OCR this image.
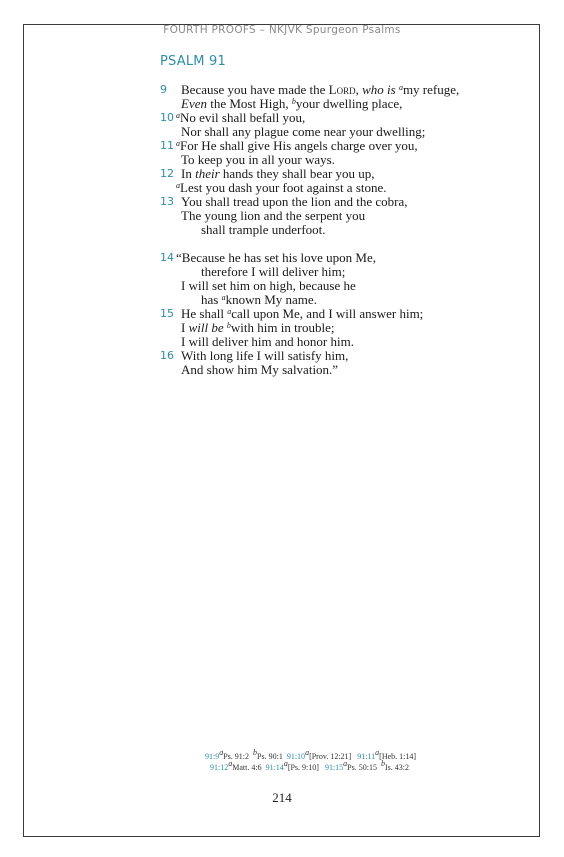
FOURTH PROOFS – NKJVK Spurgeon Psalms
PSALM 91
9	Because you have made the Lord, who is $^a$my refuge,
Even the Most High, $^b$your dwelling place,
10 $^a$No evil shall befall you,
Nor shall any plague come near your dwelling;
11 $^a$For He shall give His angels charge over you,
To keep you in all your ways.
12 In their hands they shall bear you up,
$^a$Lest you dash your foot against a stone.
13 You shall tread upon the lion and the cobra,
The young lion and the serpent you
shall trample underfoot.
14 “Because he has set his love upon Me,
therefore I will deliver him;
I will set him on high, because he
has $^a$known My name.
15 He shall $^a$call upon Me, and I will answer him;
I will be $^b$with him in trouble;
I will deliver him and honor him.
16 With long life I will satisfy him,
And show him My salvation.”
91:9$^a$Ps. 91:2 $^b$Ps. 90:1 91:10$^a$[Prov. 12:21] 91:11$^a$[Heb. 1:14]
91:12$^a$Matt. 4:6 91:14$^a$[Ps. 9:10] 91:15$^a$Ps. 50:15 $^b$Is. 43:2
214
